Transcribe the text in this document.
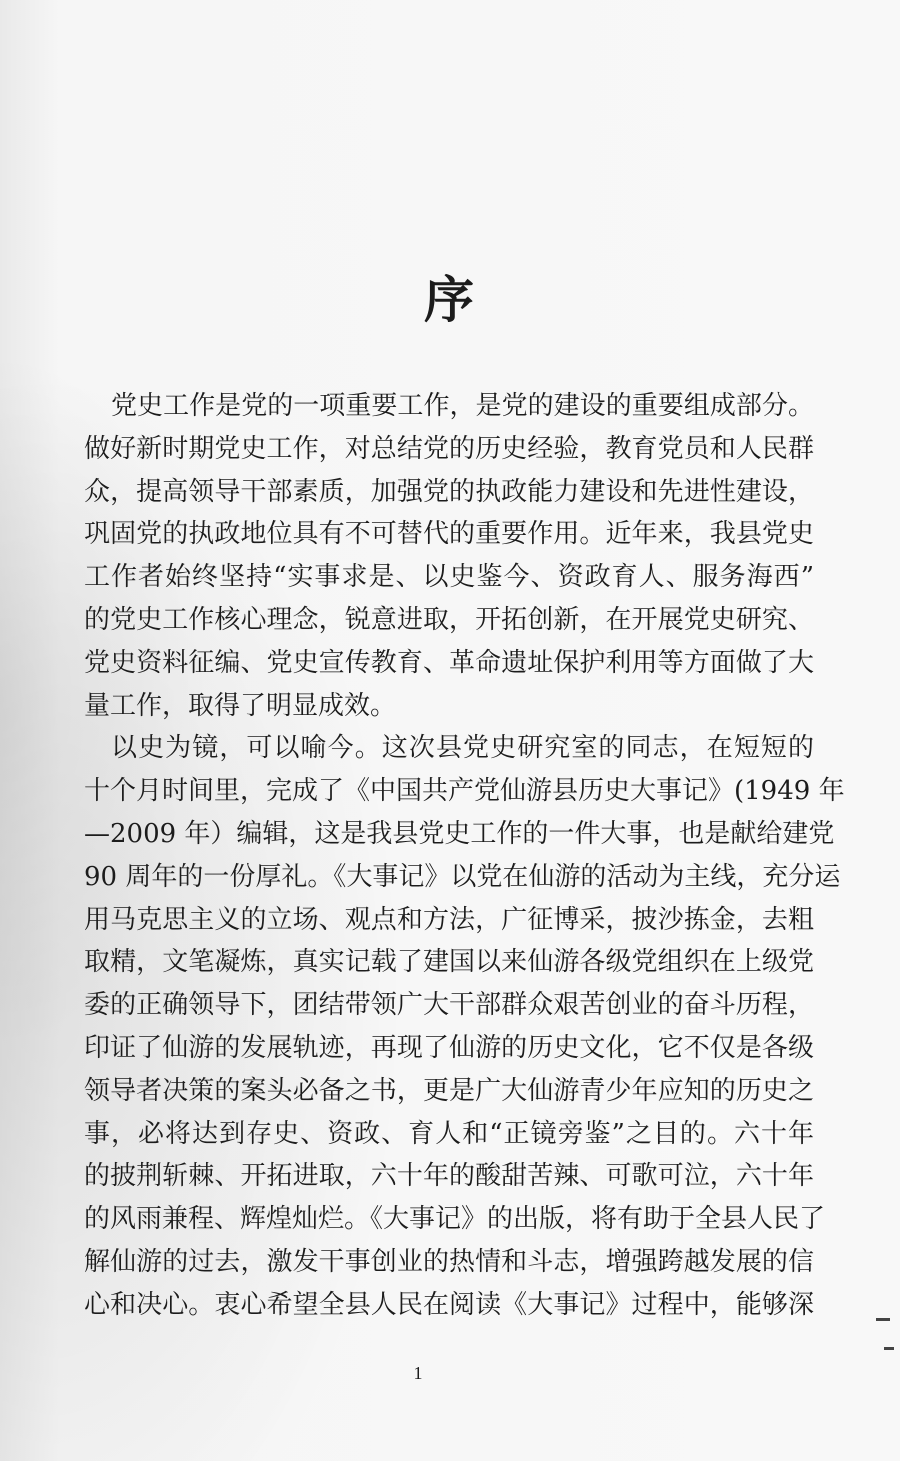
序
党史工作是党的一项重要工作，是党的建设的重要组成部分。
做好新时期党史工作，对总结党的历史经验，教育党员和人民群
众，提高领导干部素质，加强党的执政能力建设和先进性建设，
巩固党的执政地位具有不可替代的重要作用。近年来，我县党史
工作者始终坚持“实事求是、以史鉴今、资政育人、服务海西”
的党史工作核心理念，锐意进取，开拓创新，在开展党史研究、
党史资料征编、党史宣传教育、革命遗址保护利用等方面做了大
量工作，取得了明显成效。
以史为镜，可以喻今。这次县党史研究室的同志，在短短的
十个月时间里，完成了《中国共产党仙游县历史大事记》(1949 年
—2009 年）编辑，这是我县党史工作的一件大事，也是献给建党
90 周年的一份厚礼。《大事记》以党在仙游的活动为主线，充分运
用马克思主义的立场、观点和方法，广征博采，披沙拣金，去粗
取精，文笔凝炼，真实记载了建国以来仙游各级党组织在上级党
委的正确领导下，团结带领广大干部群众艰苦创业的奋斗历程，
印证了仙游的发展轨迹，再现了仙游的历史文化，它不仅是各级
领导者决策的案头必备之书，更是广大仙游青少年应知的历史之
事，必将达到存史、资政、育人和“正镜旁鉴”之目的。六十年
的披荆斩棘、开拓进取，六十年的酸甜苦辣、可歌可泣，六十年
的风雨兼程、辉煌灿烂。《大事记》的出版，将有助于全县人民了
解仙游的过去，激发干事创业的热情和斗志，增强跨越发展的信
心和决心。衷心希望全县人民在阅读《大事记》过程中，能够深
1
